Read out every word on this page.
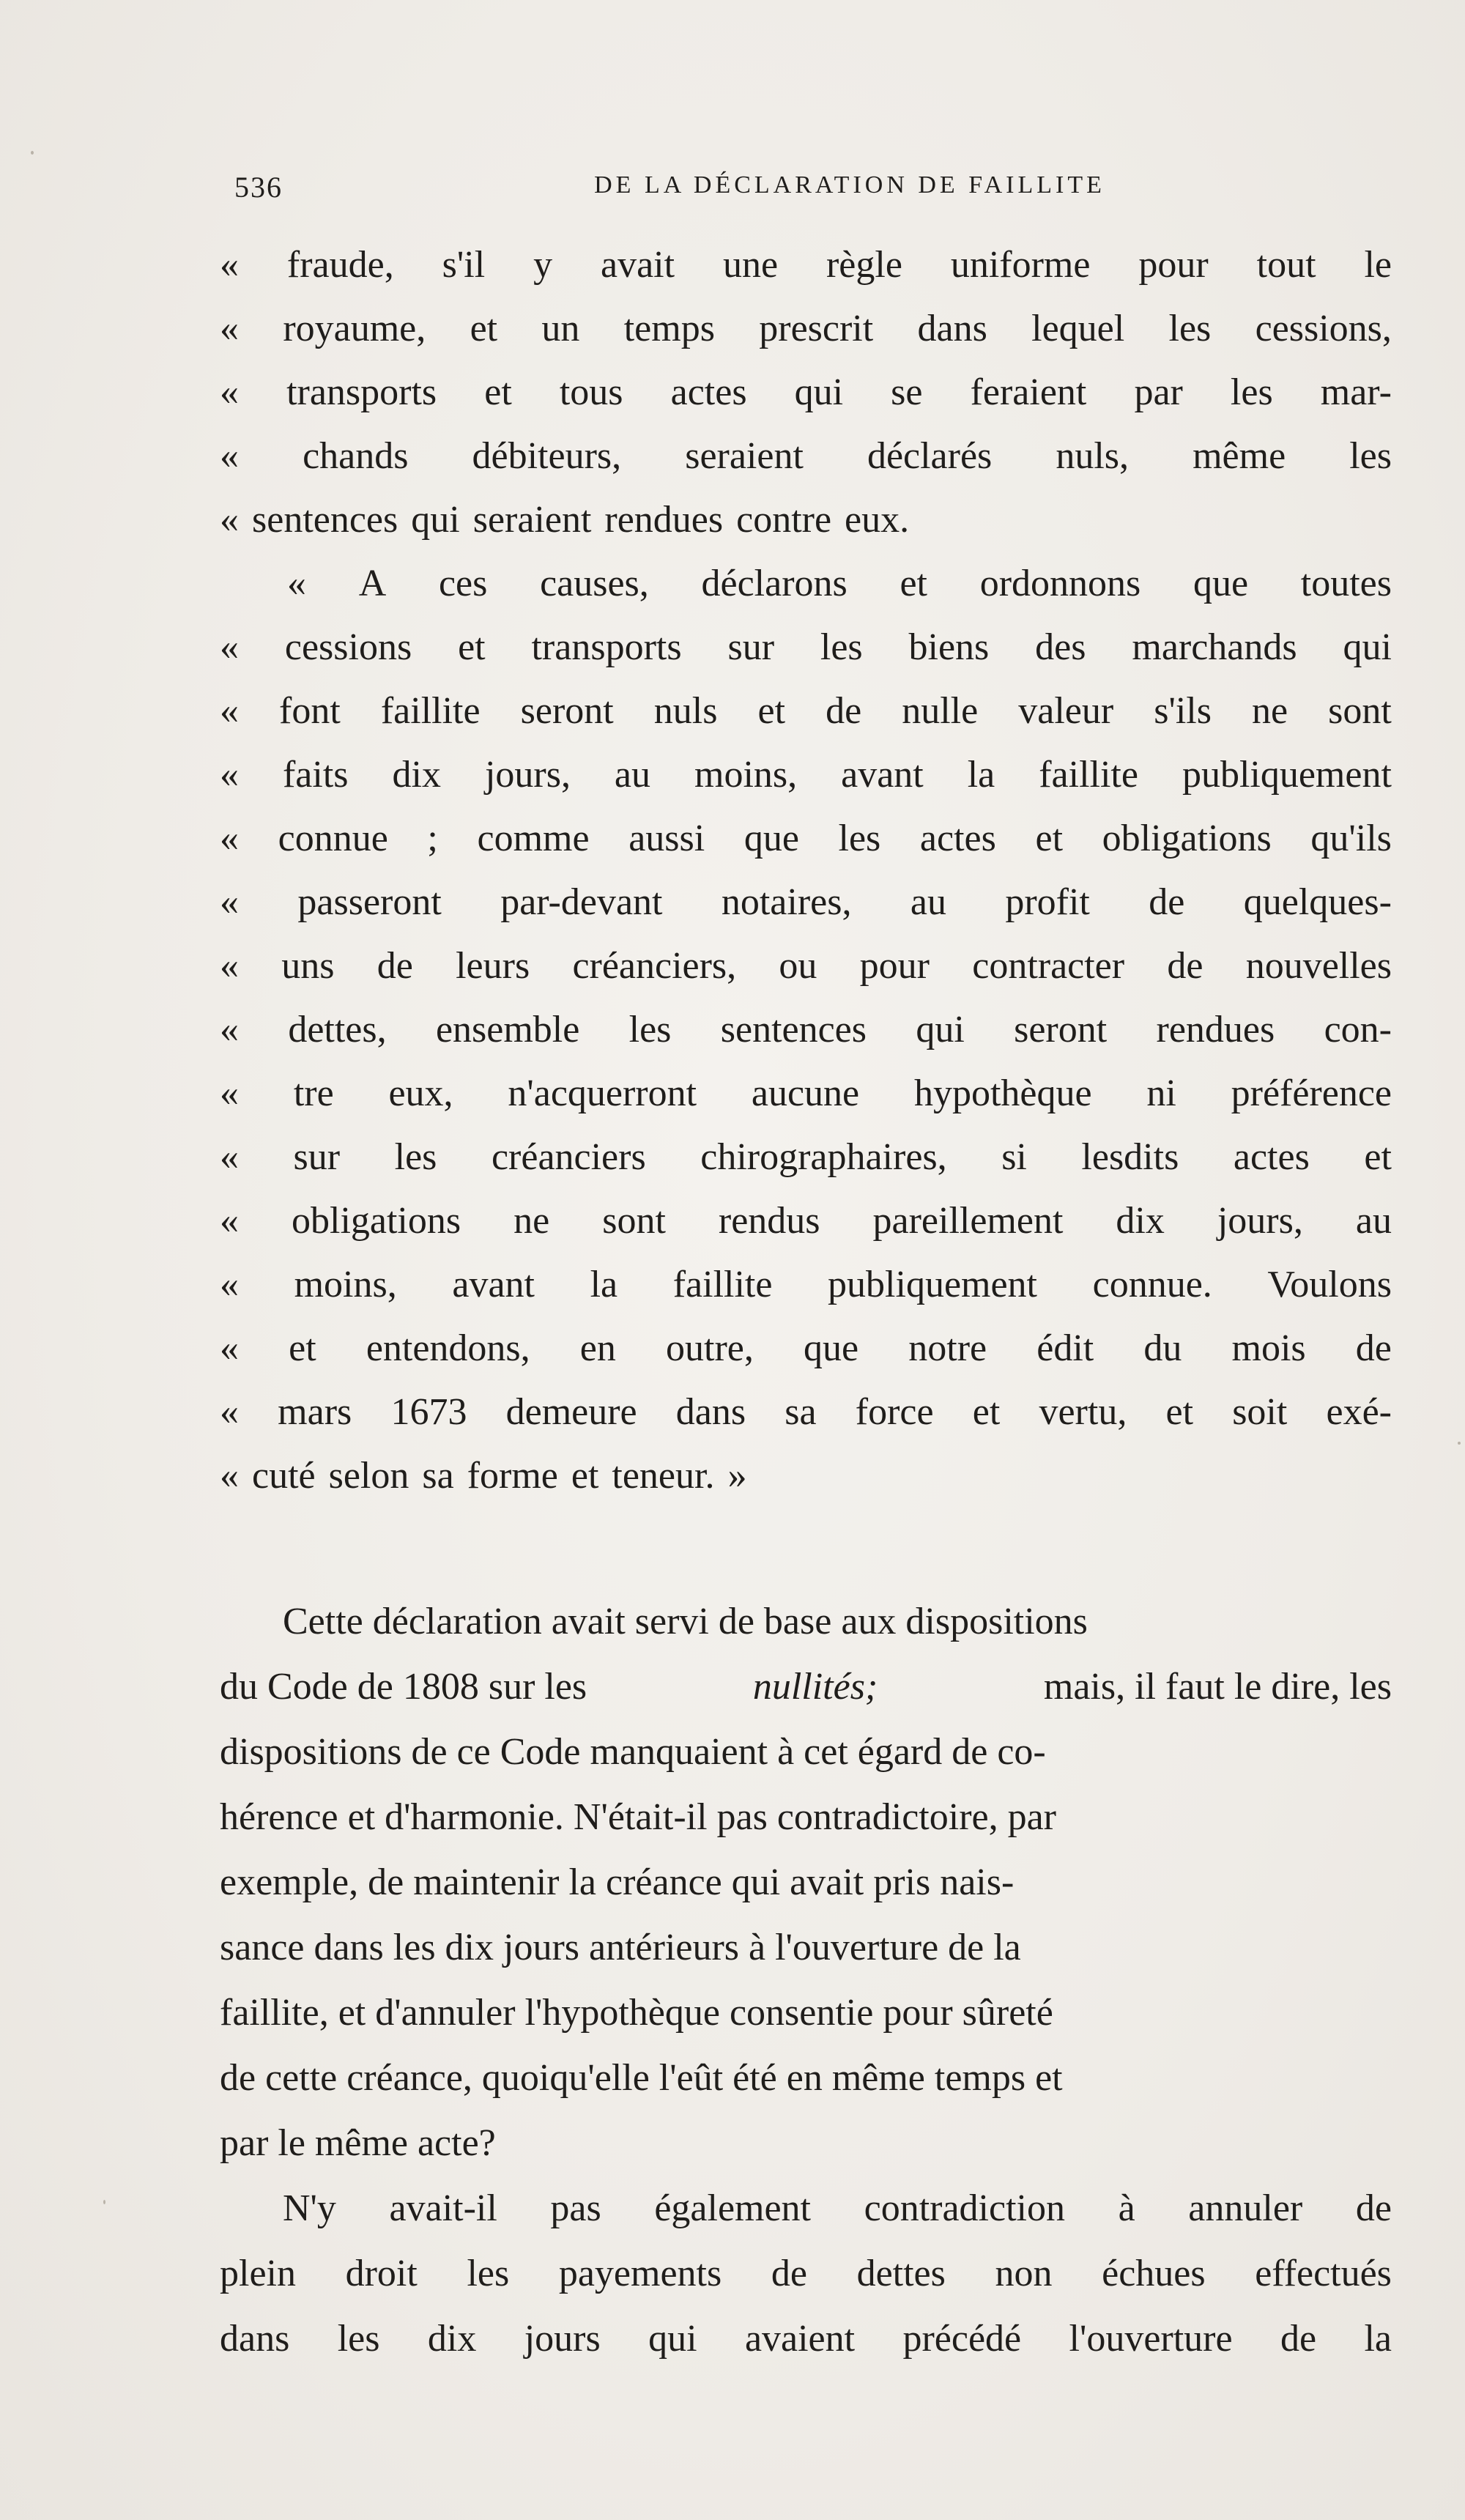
536	DE LA DÉCLARATION DE FAILLITE
« fraude, s'il y avait une règle uniforme pour tout le
« royaume, et un temps prescrit dans lequel les cessions,
« transports et tous actes qui se feraient par les mar-
« chands débiteurs, seraient déclarés nuls, même les
« sentences qui seraient rendues contre eux.
« A ces causes, déclarons et ordonnons que toutes
« cessions et transports sur les biens des marchands qui
« font faillite seront nuls et de nulle valeur s'ils ne sont
« faits dix jours, au moins, avant la faillite publiquement
« connue ; comme aussi que les actes et obligations qu'ils
« passeront par-devant notaires, au profit de quelques-
« uns de leurs créanciers, ou pour contracter de nouvelles
« dettes, ensemble les sentences qui seront rendues con-
« tre eux, n'acquerront aucune hypothèque ni préférence
« sur les créanciers chirographaires, si lesdits actes et
« obligations ne sont rendus pareillement dix jours, au
« moins, avant la faillite publiquement connue. Voulons
« et entendons, en outre, que notre édit du mois de
« mars 1673 demeure dans sa force et vertu, et soit exé-
« cuté selon sa forme et teneur. »
Cette déclaration avait servi de base aux dispositions
du Code de 1808 sur les	nullités;	mais, il faut le dire, les
dispositions de ce Code manquaient à cet égard de co-
hérence et d'harmonie. N'était-il pas contradictoire, par
exemple, de maintenir la créance qui avait pris nais-
sance dans les dix jours antérieurs à l'ouverture de la
faillite, et d'annuler l'hypothèque consentie pour sûreté
de cette créance, quoiqu'elle l'eût été en même temps et
par le même acte?
N'y avait-il pas également contradiction à annuler de
plein droit les payements de dettes non échues effectués
dans les dix jours qui avaient précédé l'ouverture de la
